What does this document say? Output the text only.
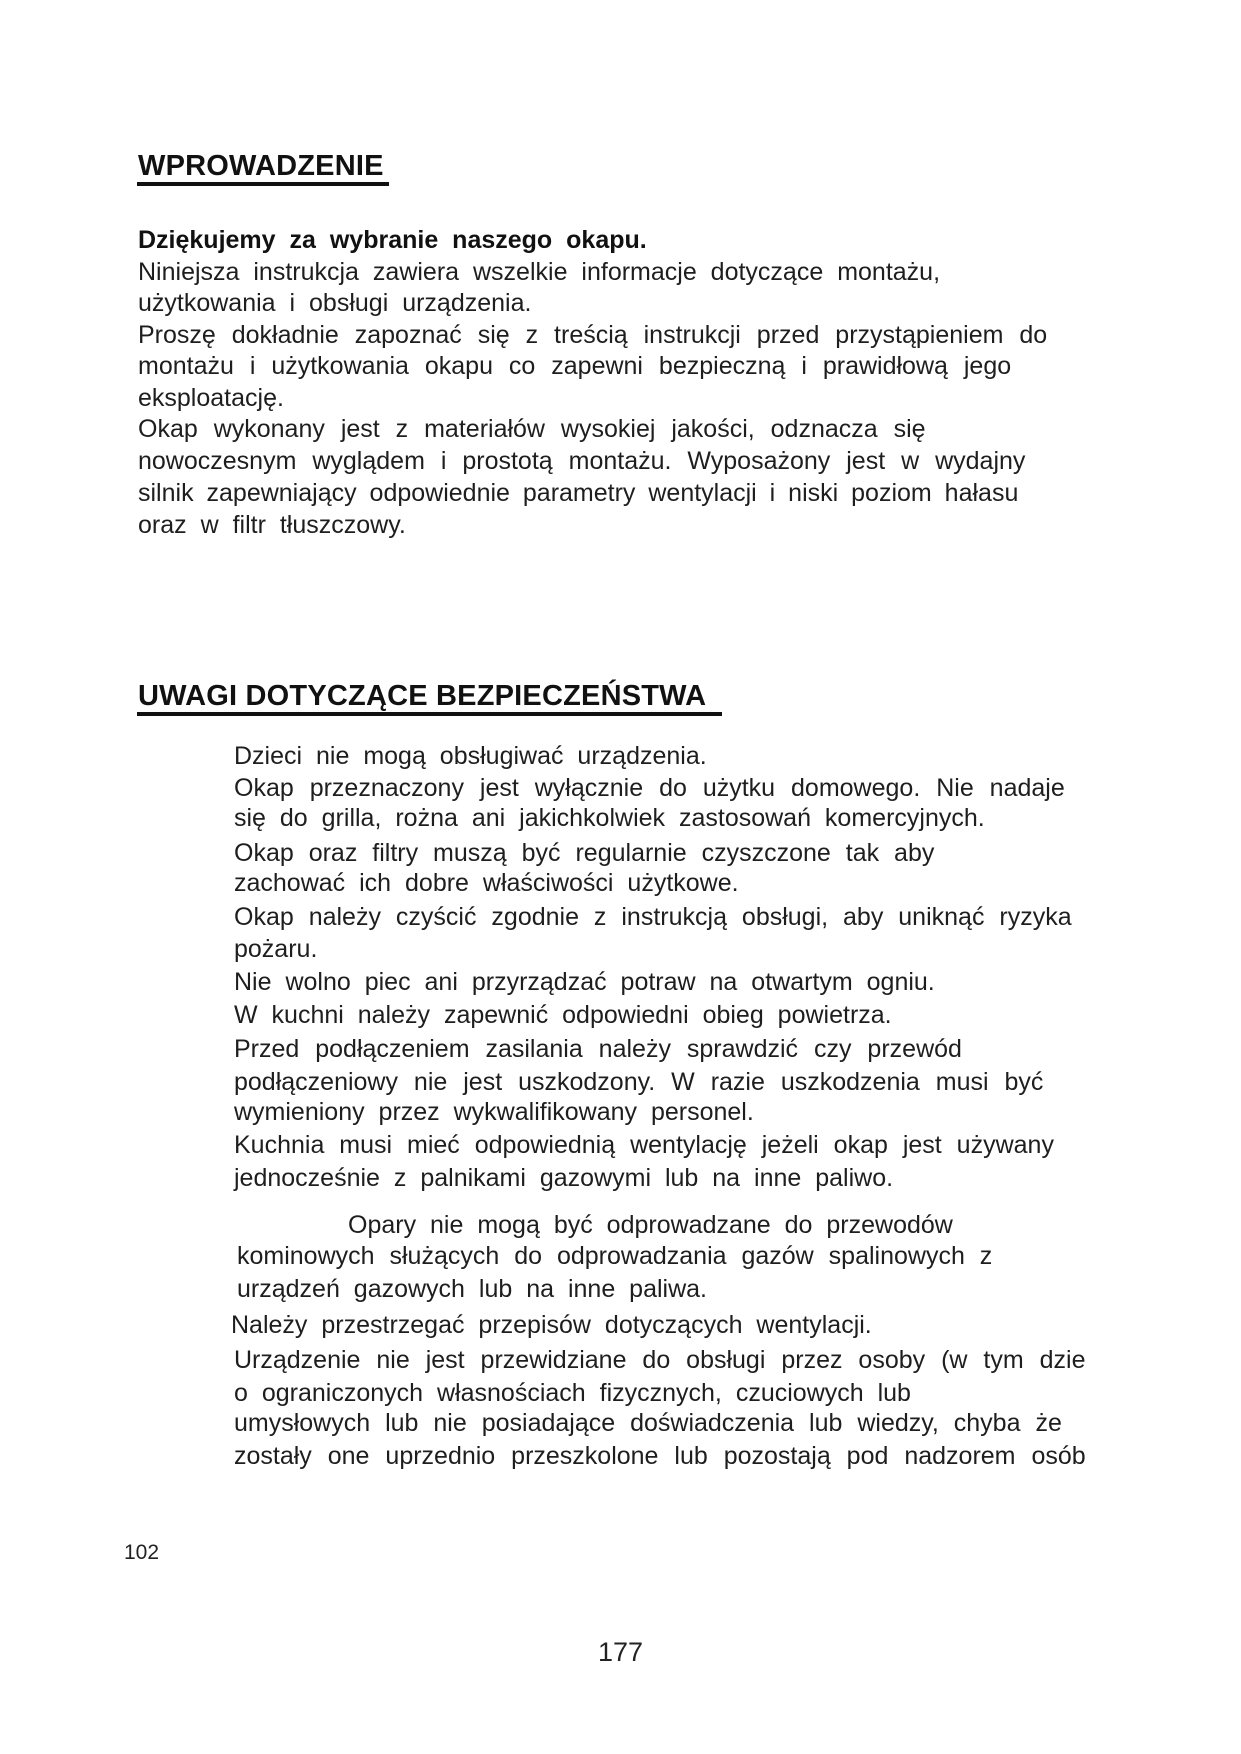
WPROWADZENIE
Dziękujemy za wybranie naszego okapu.
Niniejsza instrukcja zawiera wszelkie informacje dotyczące montażu,
użytkowania i obsługi urządzenia.
Proszę dokładnie zapoznać się z treścią instrukcji przed przystąpieniem do
montażu i użytkowania okapu co zapewni bezpieczną i prawidłową jego
eksploatację.
Okap wykonany jest z materiałów wysokiej jakości, odznacza się
nowoczesnym wyglądem i prostotą montażu. Wyposażony jest w wydajny
silnik zapewniający odpowiednie parametry wentylacji i niski poziom hałasu
oraz w filtr tłuszczowy.
UWAGI DOTYCZĄCE BEZPIECZEŃSTWA
Dzieci nie mogą obsługiwać urządzenia.
Okap przeznaczony jest wyłącznie do użytku domowego. Nie nadaje
się do grilla, rożna ani jakichkolwiek zastosowań komercyjnych.
Okap oraz filtry muszą być regularnie czyszczone tak aby
zachować ich dobre właściwości użytkowe.
Okap należy czyścić zgodnie z instrukcją obsługi, aby uniknąć ryzyka
pożaru.
Nie wolno piec ani przyrządzać potraw na otwartym ogniu.
W kuchni należy zapewnić odpowiedni obieg powietrza.
Przed podłączeniem zasilania należy sprawdzić czy przewód
podłączeniowy nie jest uszkodzony. W razie uszkodzenia musi być
wymieniony przez wykwalifikowany personel.
Kuchnia musi mieć odpowiednią wentylację jeżeli okap jest używany
jednocześnie z palnikami gazowymi lub na inne paliwo.
Opary nie mogą być odprowadzane do przewodów
kominowych służących do odprowadzania gazów spalinowych z
urządzeń gazowych lub na inne paliwa.
Należy przestrzegać przepisów dotyczących wentylacji.
Urządzenie nie jest przewidziane do obsługi przez osoby (w tym dzie
o ograniczonych własnościach fizycznych, czuciowych lub
umysłowych lub nie posiadające doświadczenia lub wiedzy, chyba że
zostały one uprzednio przeszkolone lub pozostają pod nadzorem osób
102
177
